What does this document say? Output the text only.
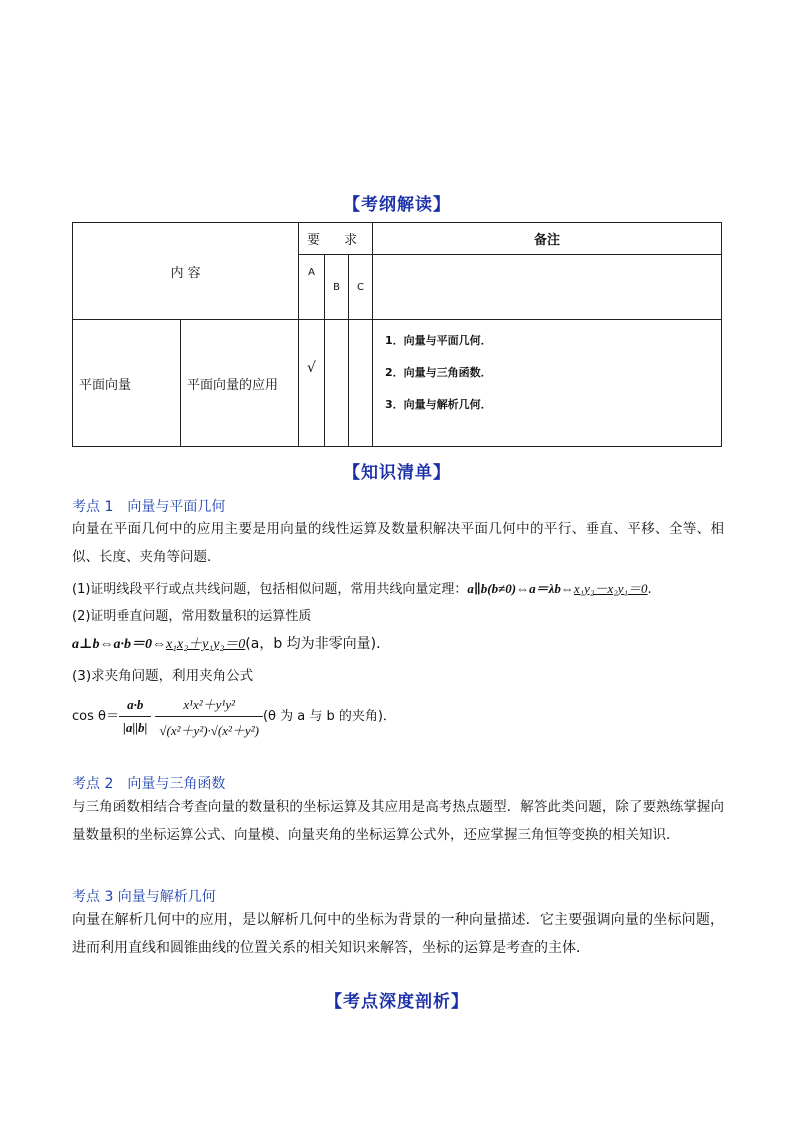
【考纲解读】
内 容		要 求			备注
		A	B	C	
平面向量	平面向量的应用	√			1．向量与平面几何．
2．向量与三角函数．
3．向量与解析几何．
【知识清单】
考点 1　向量与平面几何
向量在平面几何中的应用主要是用向量的线性运算及数量积解决平面几何中的平行、垂直、平移、全等、相似、长度、夹角等问题．
(1)证明线段平行或点共线问题，包括相似问题，常用共线向量定理：a∥b(b≠0)⇔a＝λb⇔x₁y₂－x₂y₁＝0.
(2)证明垂直问题，常用数量积的运算性质
a⊥b⇔a·b＝0⇔x₁x₂＋y₁y₂＝0(a，b 均为非零向量)．
(3)求夹角问题，利用夹角公式
$\cos \theta= \frac{a\cdot b}{|a||b|} \frac{\text{x¹x²＋y¹y²}}{\text{√(x²＋y²)·√(x²＋y²)}} (\theta$ 为 a 与 b 的夹角)．
考点 2　向量与三角函数
与三角函数相结合考查向量的数量积的坐标运算及其应用是高考热点题型．解答此类问题，除了要熟练掌握向量数量积的坐标运算公式、向量模、向量夹角的坐标运算公式外，还应掌握三角恒等变换的相关知识．
考点 3 向量与解析几何
向量在解析几何中的应用，是以解析几何中的坐标为背景的一种向量描述．它主要强调向量的坐标问题，进而利用直线和圆锥曲线的位置关系的相关知识来解答，坐标的运算是考查的主体．
【考点深度剖析】
